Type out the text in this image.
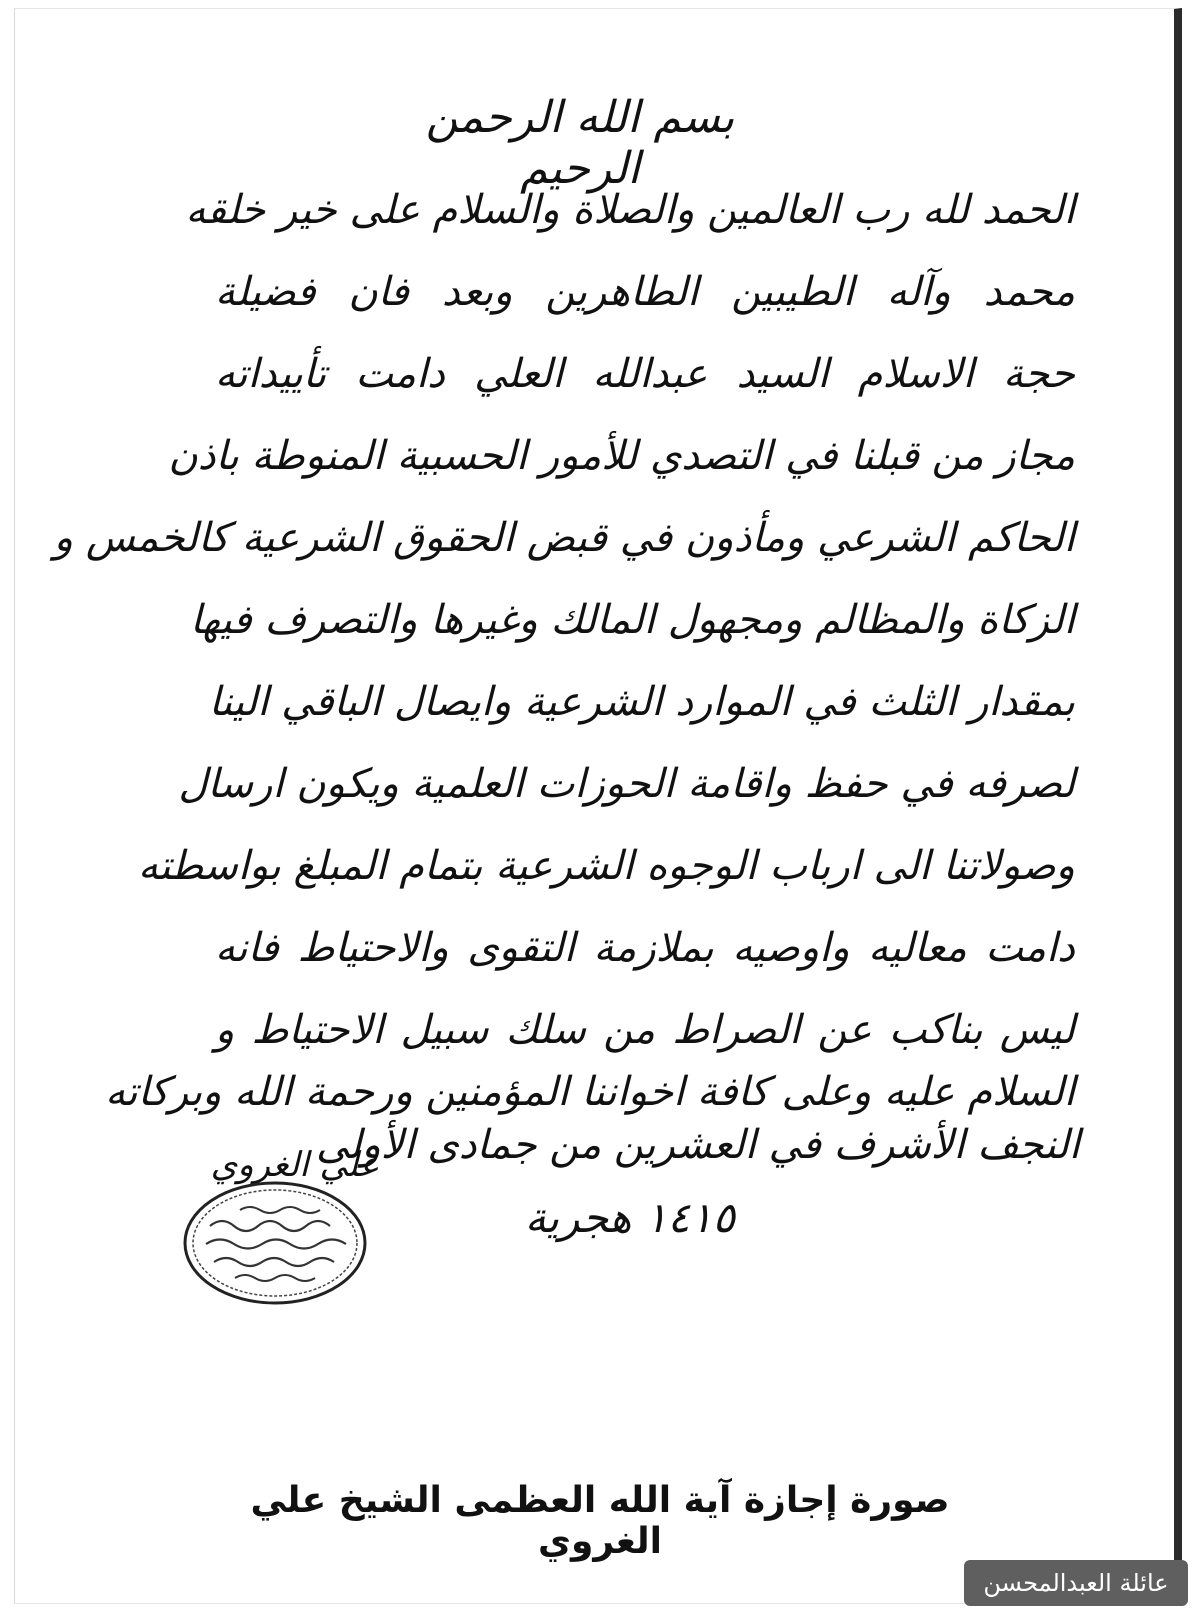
بسم الله الرحمن الرحيم
الحمد لله رب العالمين والصلاة والسلام على خير خلقه
محمد وآله الطيبين الطاهرين وبعد فان فضيلة
حجة الاسلام السيد عبدالله العلي دامت تأييداته
مجاز من قبلنا في التصدي للأمور الحسبية المنوطة باذن
الحاكم الشرعي ومأذون في قبض الحقوق الشرعية كالخمس و
الزكاة والمظالم ومجهول المالك وغيرها والتصرف فيها
بمقدار الثلث في الموارد الشرعية وايصال الباقي الينا
لصرفه في حفظ واقامة الحوزات العلمية ويكون ارسال
وصولاتنا الى ارباب الوجوه الشرعية بتمام المبلغ بواسطته
دامت معاليه واوصيه بملازمة التقوى والاحتياط فانه
ليس بناكب عن الصراط من سلك سبيل الاحتياط و
السلام عليه وعلى كافة اخواننا المؤمنين ورحمة الله وبركاته
النجف الأشرف في العشرين من جمادى الأولى
١٤١٥ هجرية
علي الغروي
صورة إجازة آية الله العظمى الشيخ علي الغروي
عائلة العبدالمحسن
